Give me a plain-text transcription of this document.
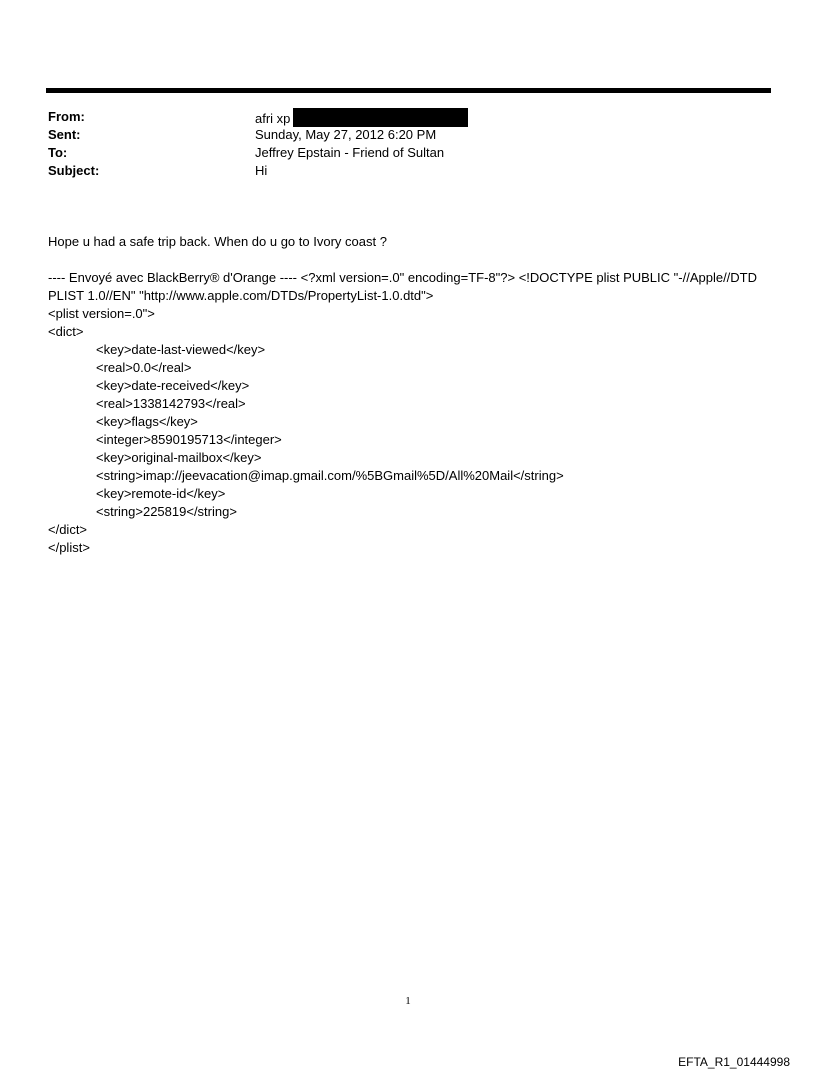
From:	afri xp
Sent:	Sunday, May 27, 2012 6:20 PM
To:	Jeffrey Epstain - Friend of Sultan
Subject:	Hi

Hope u had a safe trip back. When do u go to Ivory coast ?

---- Envoyé avec BlackBerry® d'Orange ---- <?xml version=.0" encoding=TF-8"?> <!DOCTYPE plist PUBLIC "-//Apple//DTD PLIST 1.0//EN" "http://www.apple.com/DTDs/PropertyList-1.0.dtd">

<plist version=.0">

<dict>

<key>date-last-viewed</key>

<real>0.0</real>

<key>date-received</key>

<real>1338142793</real>

<key>flags</key>

<integer>8590195713</integer>

<key>original-mailbox</key>

<string>imap://jeevacation@imap.gmail.com/%5BGmail%5D/All%20Mail</string>

<key>remote-id</key>

<string>225819</string>

</dict>

</plist>

1
EFTA_R1_01444998
